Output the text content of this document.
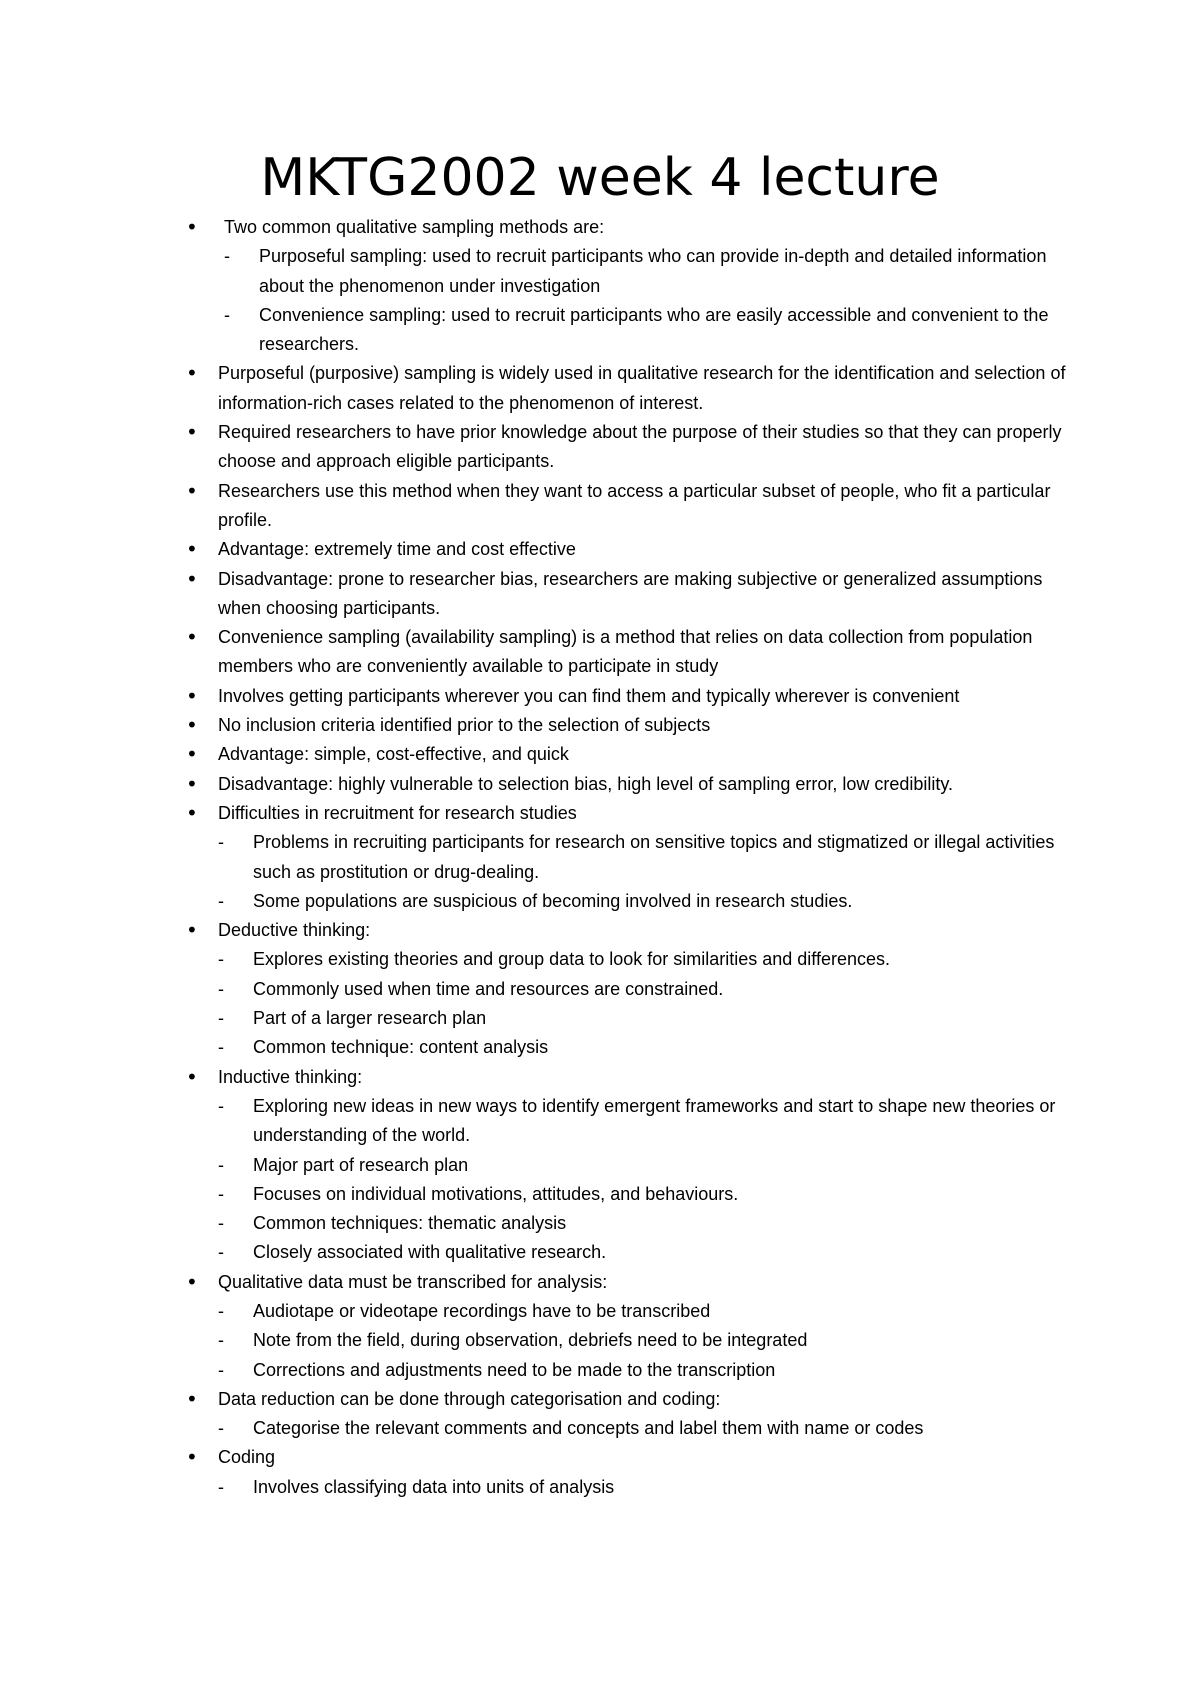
MKTG2002 week 4 lecture
• Two common qualitative sampling methods are:
- Purposeful sampling: used to recruit participants who can provide in-depth and detailed information about the phenomenon under investigation
- Convenience sampling: used to recruit participants who are easily accessible and convenient to the researchers.
• Purposeful (purposive) sampling is widely used in qualitative research for the identification and selection of information-rich cases related to the phenomenon of interest.
• Required researchers to have prior knowledge about the purpose of their studies so that they can properly choose and approach eligible participants.
• Researchers use this method when they want to access a particular subset of people, who fit a particular profile.
• Advantage: extremely time and cost effective
• Disadvantage: prone to researcher bias, researchers are making subjective or generalized assumptions when choosing participants.
• Convenience sampling (availability sampling) is a method that relies on data collection from population members who are conveniently available to participate in study
• Involves getting participants wherever you can find them and typically wherever is convenient
• No inclusion criteria identified prior to the selection of subjects
• Advantage: simple, cost-effective, and quick
• Disadvantage: highly vulnerable to selection bias, high level of sampling error, low credibility.
• Difficulties in recruitment for research studies
- Problems in recruiting participants for research on sensitive topics and stigmatized or illegal activities such as prostitution or drug-dealing.
- Some populations are suspicious of becoming involved in research studies.
• Deductive thinking:
- Explores existing theories and group data to look for similarities and differences.
- Commonly used when time and resources are constrained.
- Part of a larger research plan
- Common technique: content analysis
• Inductive thinking:
- Exploring new ideas in new ways to identify emergent frameworks and start to shape new theories or understanding of the world.
- Major part of research plan
- Focuses on individual motivations, attitudes, and behaviours.
- Common techniques: thematic analysis
- Closely associated with qualitative research.
• Qualitative data must be transcribed for analysis:
- Audiotape or videotape recordings have to be transcribed
- Note from the field, during observation, debriefs need to be integrated
- Corrections and adjustments need to be made to the transcription
• Data reduction can be done through categorisation and coding:
- Categorise the relevant comments and concepts and label them with name or codes
• Coding
- Involves classifying data into units of analysis
